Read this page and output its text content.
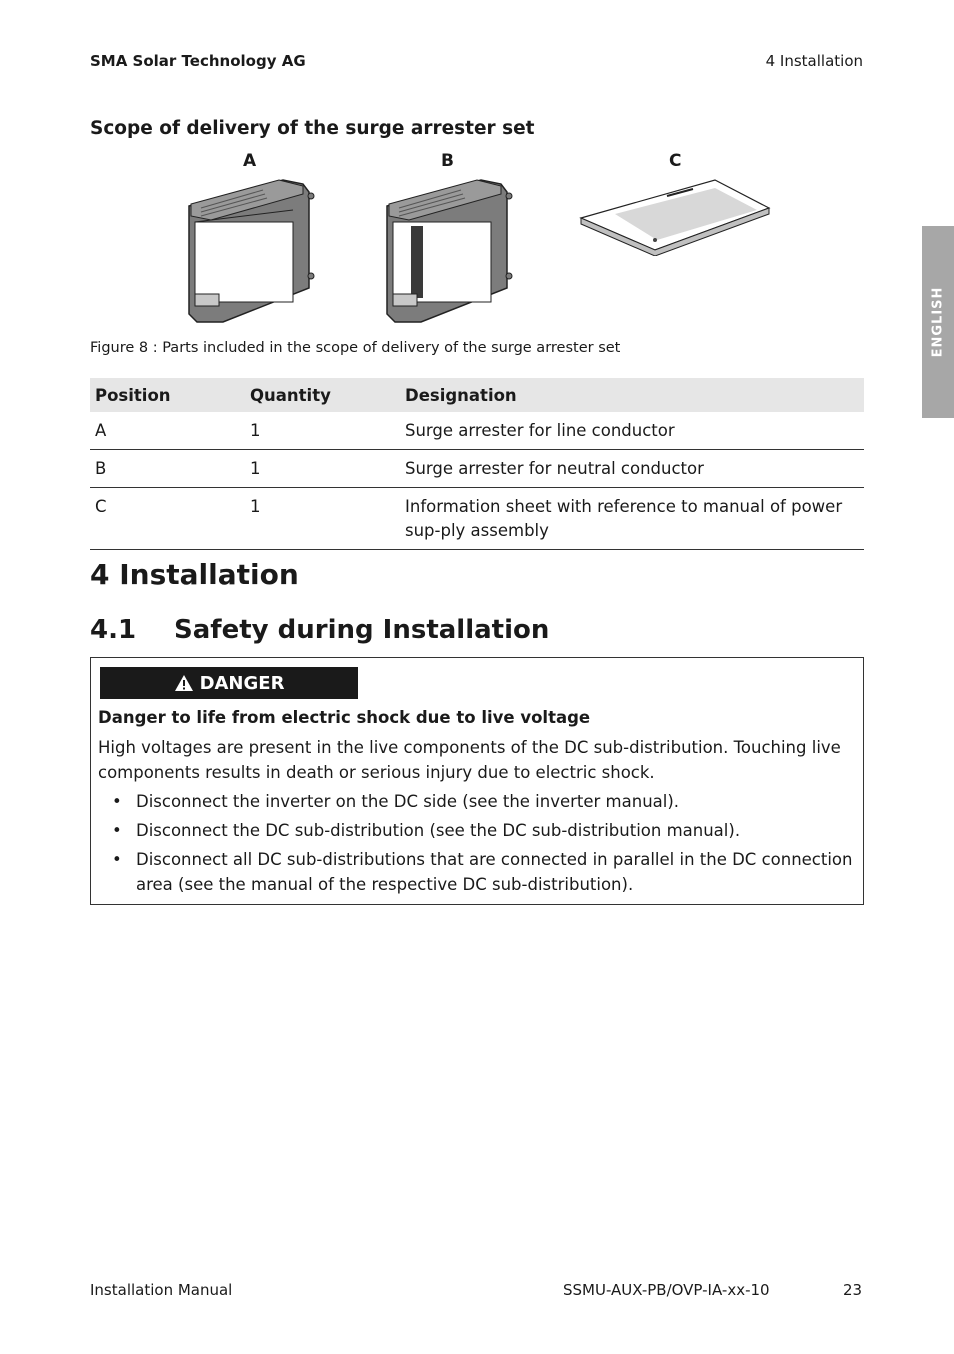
SMA Solar Technology AG	4 Installation
ENGLISH
Scope of delivery of the surge arrester set
A	B	C
Figure 8 : Parts included in the scope of delivery of the surge arrester set
Position	Quantity	Designation
A	1	Surge arrester for line conductor
B	1	Surge arrester for neutral conductor
C	1	Information sheet with reference to manual of power sup-ply assembly
4 Installation
4.1 Safety during Installation
DANGER
Danger to life from electric shock due to live voltage
High voltages are present in the live components of the DC sub-distribution. Touching live components results in death or serious injury due to electric shock.
• Disconnect the inverter on the DC side (see the inverter manual).
• Disconnect the DC sub-distribution (see the DC sub-distribution manual).
• Disconnect all DC sub-distributions that are connected in parallel in the DC connection area (see the manual of the respective DC sub-distribution).
Installation Manual	SSMU-AUX-PB/OVP-IA-xx-10	23
